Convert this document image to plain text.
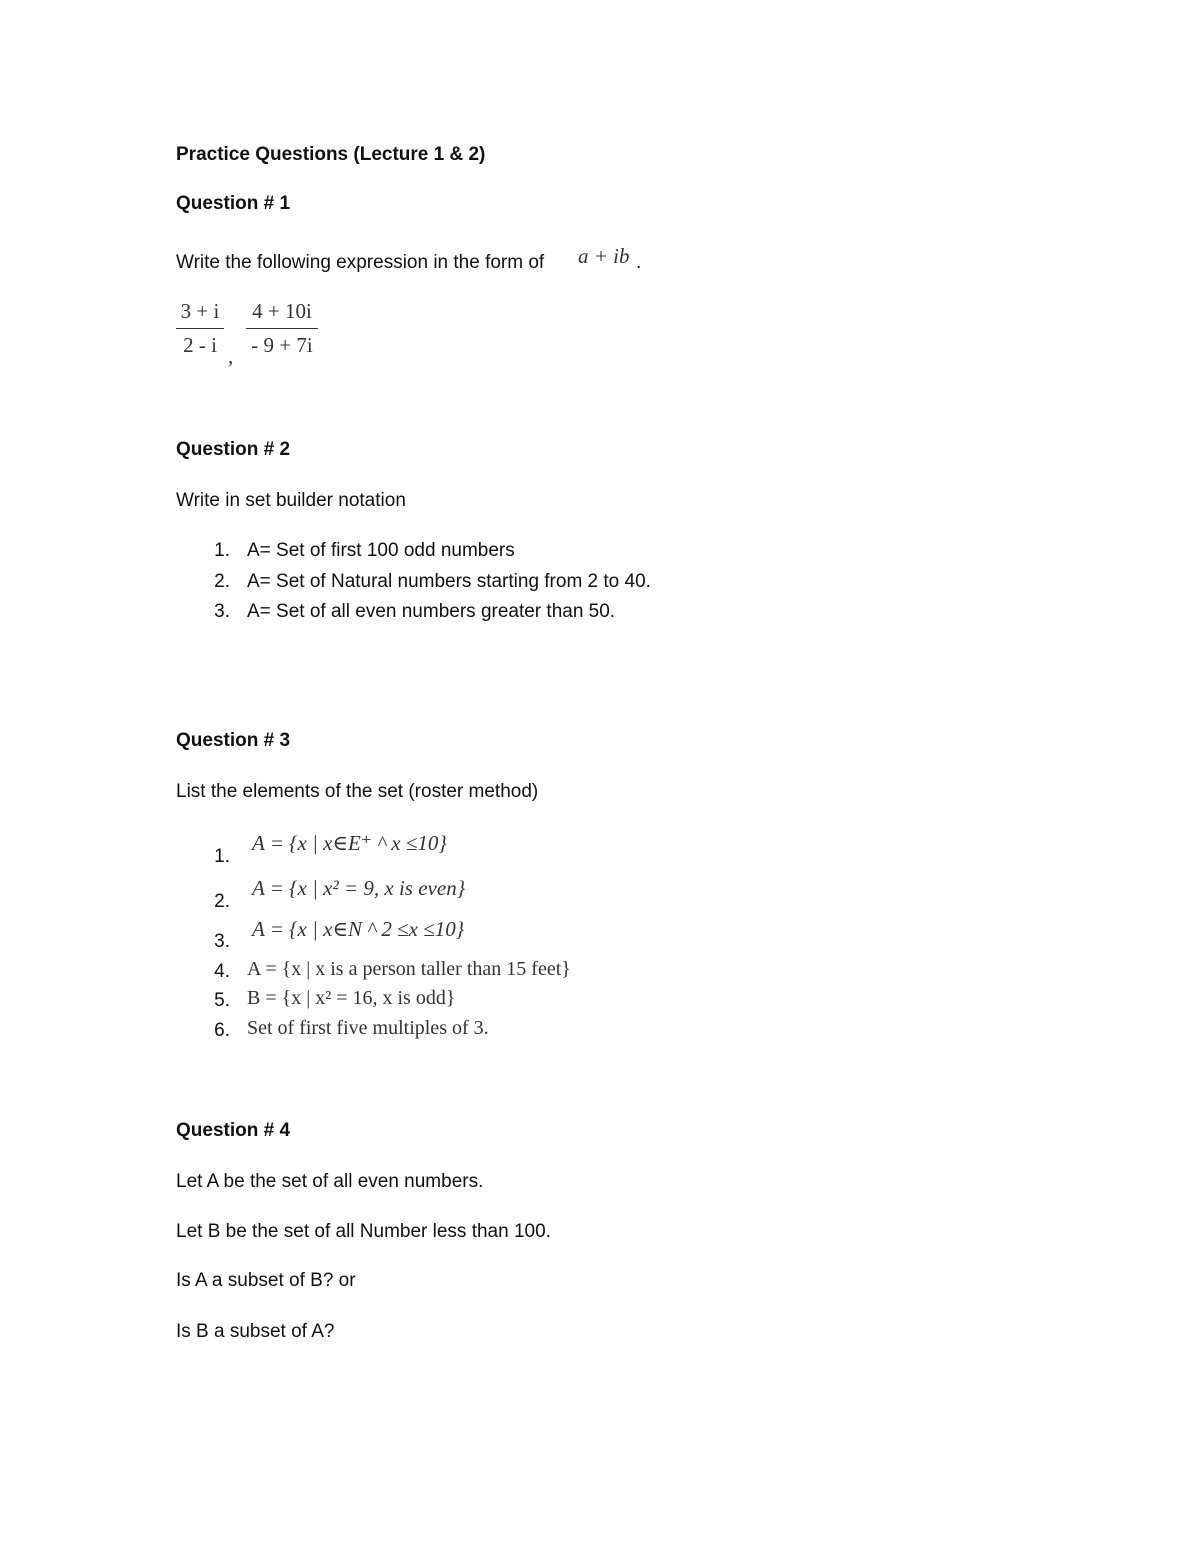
Practice Questions (Lecture 1 & 2)
Question # 1
Write the following expression in the form of a + ib .
3 + i
2 - i ,
4 + 10i
- 9 + 7i
Question # 2
Write in set builder notation
1. A= Set of first 100 odd numbers
2. A= Set of Natural numbers starting from 2 to 40.
3. A= Set of all even numbers greater than 50.
Question # 3
List the elements of the set (roster method)
1.
A = {x | x∈E⁺ ^ x ≤10}
2.
A = {x | x² = 9, x is even}
3.
A = {x | x∈N ^ 2 ≤x ≤10}
4. A = {x | x is a person taller than 15 feet}
5. B = {x | x² = 16, x is odd}
6. Set of first five multiples of 3.
Question # 4
Let A be the set of all even numbers.
Let B be the set of all Number less than 100.
Is A a subset of B? or
Is B a subset of A?
